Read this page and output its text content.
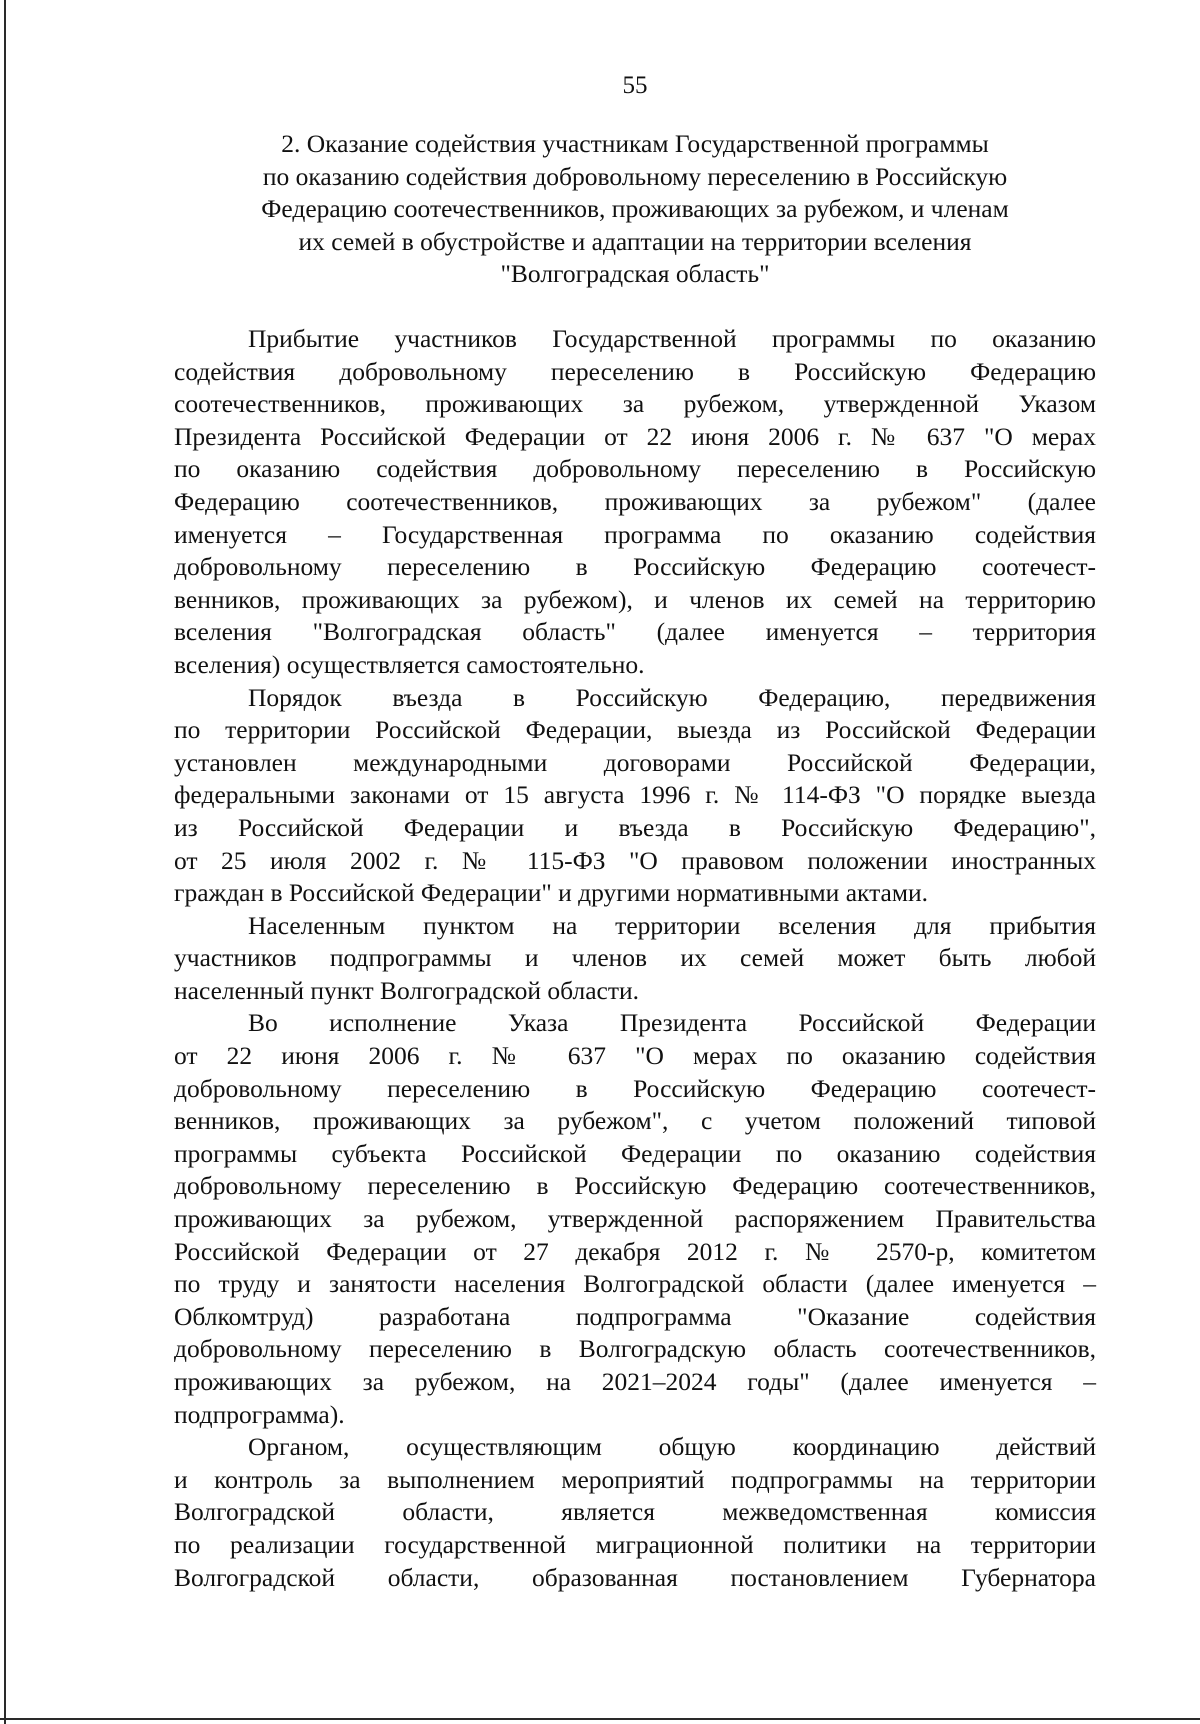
55
2. Оказание содействия участникам Государственной программы
по оказанию содействия добровольному переселению в Российскую
Федерацию соотечественников, проживающих за рубежом, и членам
их семей в обустройстве и адаптации на территории вселения
"Волгоградская область"
Прибытие участников Государственной программы по оказанию
содействия добровольному переселению в Российскую Федерацию
соотечественников, проживающих за рубежом, утвержденной Указом
Президента Российской Федерации от 22 июня 2006 г. № 637 "О мерах
по оказанию содействия добровольному переселению в Российскую
Федерацию соотечественников, проживающих за рубежом" (далее
именуется – Государственная программа по оказанию содействия
добровольному переселению в Российскую Федерацию соотечест-
венников, проживающих за рубежом), и членов их семей на территорию
вселения "Волгоградская область" (далее именуется – территория
вселения) осуществляется самостоятельно.
Порядок въезда в Российскую Федерацию, передвижения
по территории Российской Федерации, выезда из Российской Федерации
установлен международными договорами Российской Федерации,
федеральными законами от 15 августа 1996 г. № 114-ФЗ "О порядке выезда
из Российской Федерации и въезда в Российскую Федерацию",
от 25 июля 2002 г. № 115-ФЗ "О правовом положении иностранных
граждан в Российской Федерации" и другими нормативными актами.
Населенным пунктом на территории вселения для прибытия
участников подпрограммы и членов их семей может быть любой
населенный пункт Волгоградской области.
Во исполнение Указа Президента Российской Федерации
от 22 июня 2006 г. № 637 "О мерах по оказанию содействия
добровольному переселению в Российскую Федерацию соотечест-
венников, проживающих за рубежом", с учетом положений типовой
программы субъекта Российской Федерации по оказанию содействия
добровольному переселению в Российскую Федерацию соотечественников,
проживающих за рубежом, утвержденной распоряжением Правительства
Российской Федерации от 27 декабря 2012 г. № 2570-р, комитетом
по труду и занятости населения Волгоградской области (далее именуется –
Облкомтруд) разработана подпрограмма "Оказание содействия
добровольному переселению в Волгоградскую область соотечественников,
проживающих за рубежом, на 2021–2024 годы" (далее именуется –
подпрограмма).
Органом, осуществляющим общую координацию действий
и контроль за выполнением мероприятий подпрограммы на территории
Волгоградской области, является межведомственная комиссия
по реализации государственной миграционной политики на территории
Волгоградской области, образованная постановлением Губернатора
